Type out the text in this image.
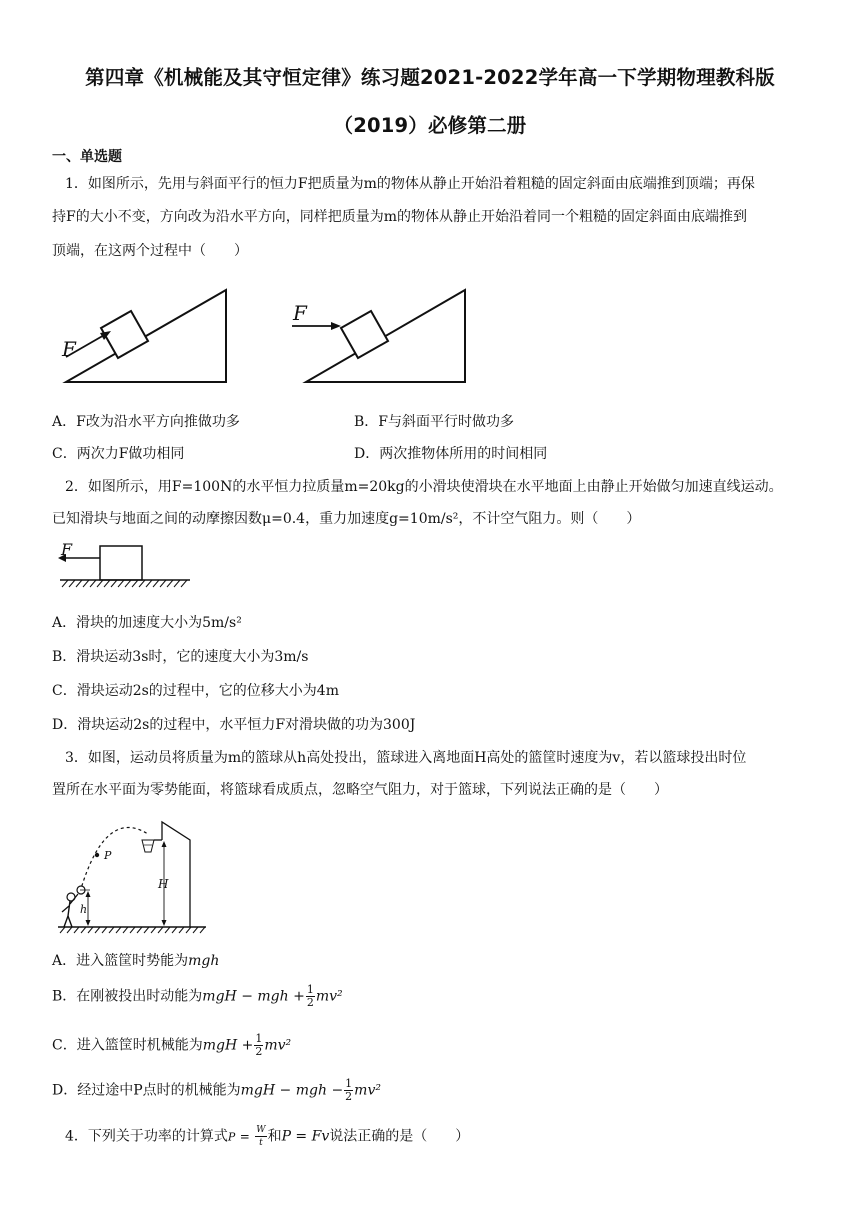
第四章《机械能及其守恒定律》练习题2021-2022学年高一下学期物理教科版
（2019）必修第二册
一、单选题
1．如图所示，先用与斜面平行的恒力F把质量为m的物体从静止开始沿着粗糙的固定斜面由底端推到顶端；再保
持F的大小不变，方向改为沿水平方向，同样把质量为m的物体从静止开始沿着同一个粗糙的固定斜面由底端推到
顶端，在这两个过程中（　　）
F
F
A．F改为沿水平方向推做功多	B．F与斜面平行时做功多
C．两次力F做功相同	D．两次推物体所用的时间相同
2．如图所示，用F=100N的水平恒力拉质量m=20kg的小滑块使滑块在水平地面上由静止开始做匀加速直线运动。
已知滑块与地面之间的动摩擦因数μ=0.4，重力加速度g=10m/s²，不计空气阻力。则（　　）
F
A．滑块的加速度大小为5m/s²
B．滑块运动3s时，它的速度大小为3m/s
C．滑块运动2s的过程中，它的位移大小为4m
D．滑块运动2s的过程中，水平恒力F对滑块做的功为300J
3．如图，运动员将质量为m的篮球从h高处投出，篮球进入离地面H高处的篮筐时速度为v，若以篮球投出时位
置所在水平面为零势能面，将篮球看成质点，忽略空气阻力，对于篮球，下列说法正确的是（　　）
P
h
H
A．进入篮筐时势能为mgh
B．在刚被投出时动能为mgH − mgh + $\frac{1}{2} mv^2$
C．进入篮筐时机械能为mgH + $\frac{1}{2} mv^2$
D．经过途中P点时的机械能为mgH − mgh − $\frac{1}{2} mv^2$
4．下列关于功率的计算式$P = \frac{W}{t}$ 和P = Fv说法正确的是（　　）
